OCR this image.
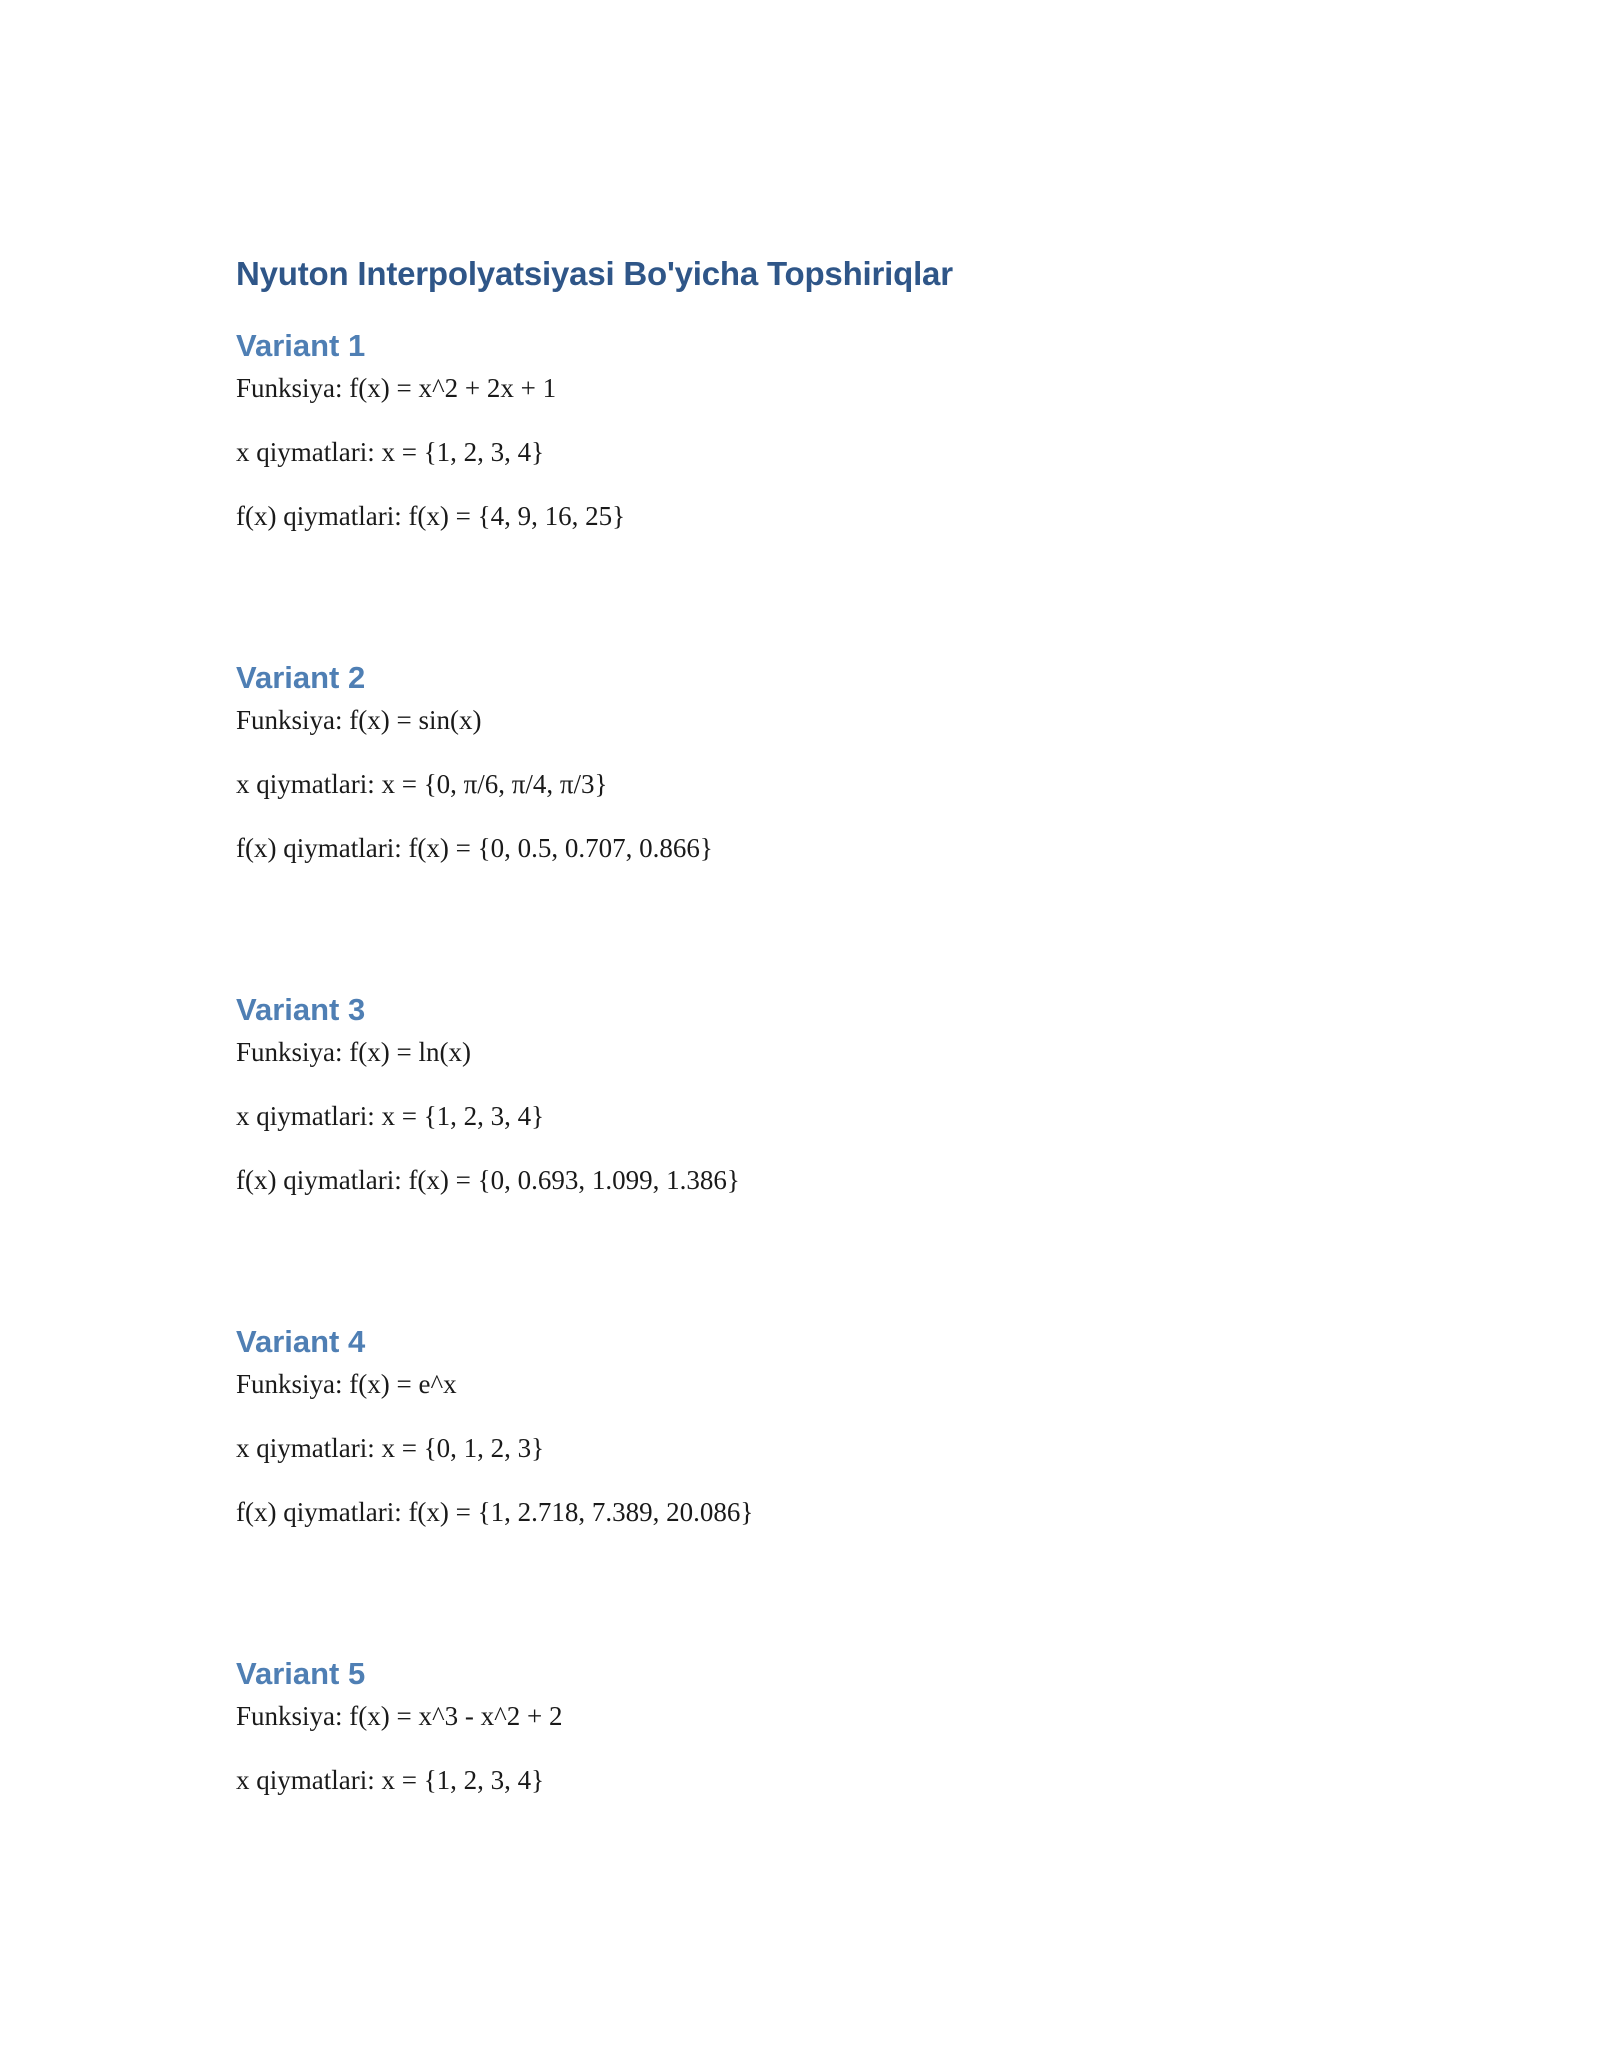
Nyuton Interpolyatsiyasi Bo'yicha Topshiriqlar
Variant 1

Funksiya: f(x) = x^2 + 2x + 1

x qiymatlari: x = {1, 2, 3, 4}

f(x) qiymatlari: f(x) = {4, 9, 16, 25}

Variant 2

Funksiya: f(x) = sin(x)

x qiymatlari: x = {0, π/6, π/4, π/3}

f(x) qiymatlari: f(x) = {0, 0.5, 0.707, 0.866}

Variant 3

Funksiya: f(x) = ln(x)

x qiymatlari: x = {1, 2, 3, 4}

f(x) qiymatlari: f(x) = {0, 0.693, 1.099, 1.386}

Variant 4

Funksiya: f(x) = e^x

x qiymatlari: x = {0, 1, 2, 3}

f(x) qiymatlari: f(x) = {1, 2.718, 7.389, 20.086}

Variant 5

Funksiya: f(x) = x^3 - x^2 + 2

x qiymatlari: x = {1, 2, 3, 4}
